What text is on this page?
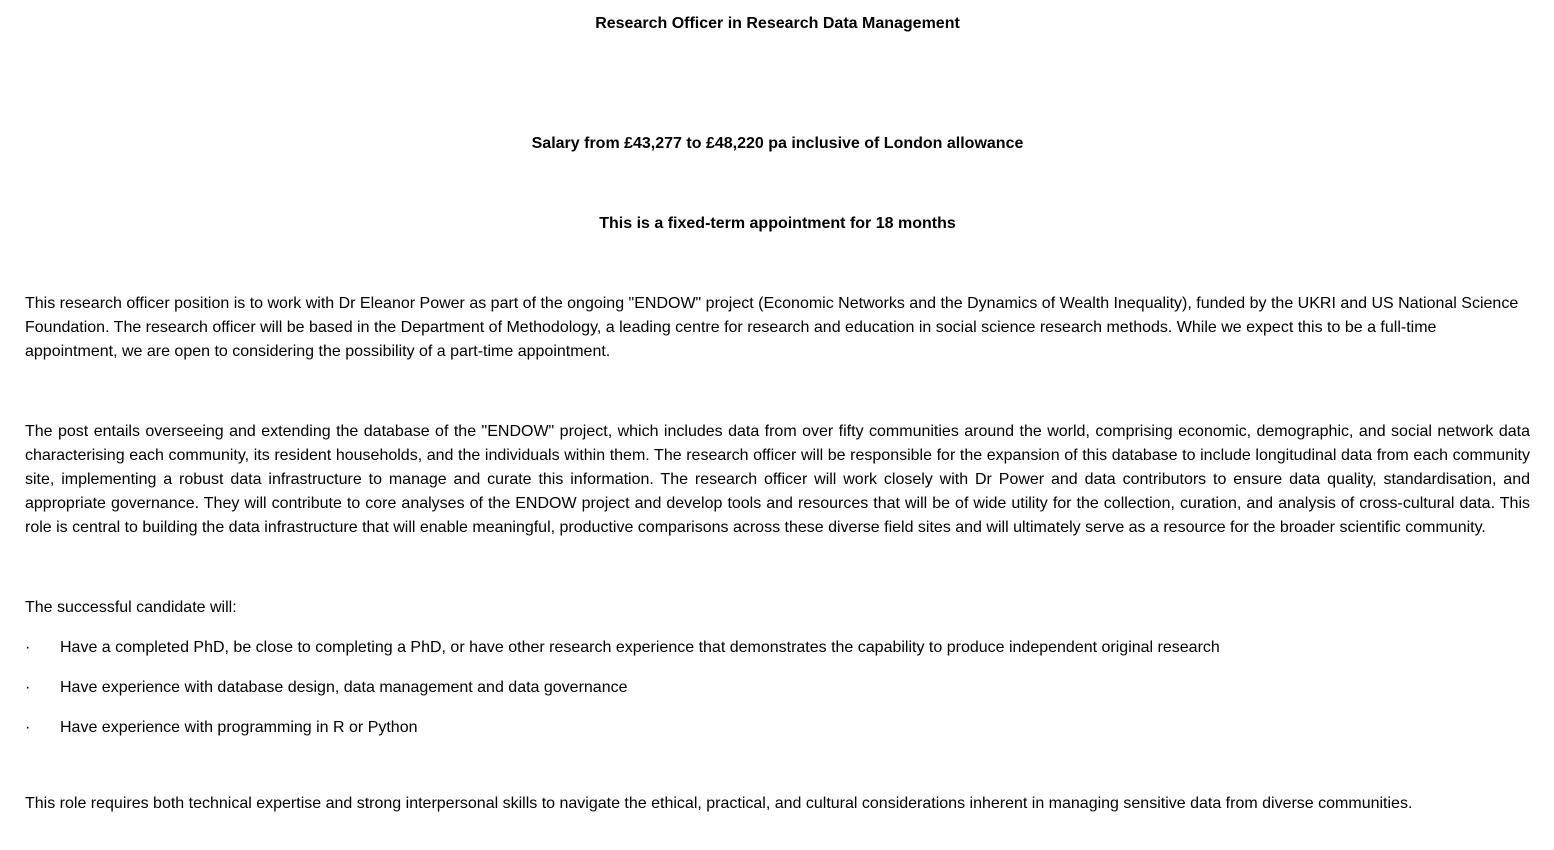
Research Officer in Research Data Management

Salary from £43,277 to £48,220 pa inclusive of London allowance

This is a fixed-term appointment for 18 months

This research officer position is to work with Dr Eleanor Power as part of the ongoing "ENDOW" project (Economic Networks and the Dynamics of Wealth Inequality), funded by the UKRI and US National Science Foundation. The research officer will be based in the Department of Methodology, a leading centre for research and education in social science research methods. While we expect this to be a full-time appointment, we are open to considering the possibility of a part-time appointment.

The post entails overseeing and extending the database of the "ENDOW" project, which includes data from over fifty communities around the world, comprising economic, demographic, and social network data characterising each community, its resident households, and the individuals within them. The research officer will be responsible for the expansion of this database to include longitudinal data from each community site, implementing a robust data infrastructure to manage and curate this information. The research officer will work closely with Dr Power and data contributors to ensure data quality, standardisation, and appropriate governance. They will contribute to core analyses of the ENDOW project and develop tools and resources that will be of wide utility for the collection, curation, and analysis of cross-cultural data. This role is central to building the data infrastructure that will enable meaningful, productive comparisons across these diverse field sites and will ultimately serve as a resource for the broader scientific community.

The successful candidate will:

·	Have a completed PhD, be close to completing a PhD, or have other research experience that demonstrates the capability to produce independent original research
·	Have experience with database design, data management and data governance
·	Have experience with programming in R or Python

This role requires both technical expertise and strong interpersonal skills to navigate the ethical, practical, and cultural considerations inherent in managing sensitive data from diverse communities.
